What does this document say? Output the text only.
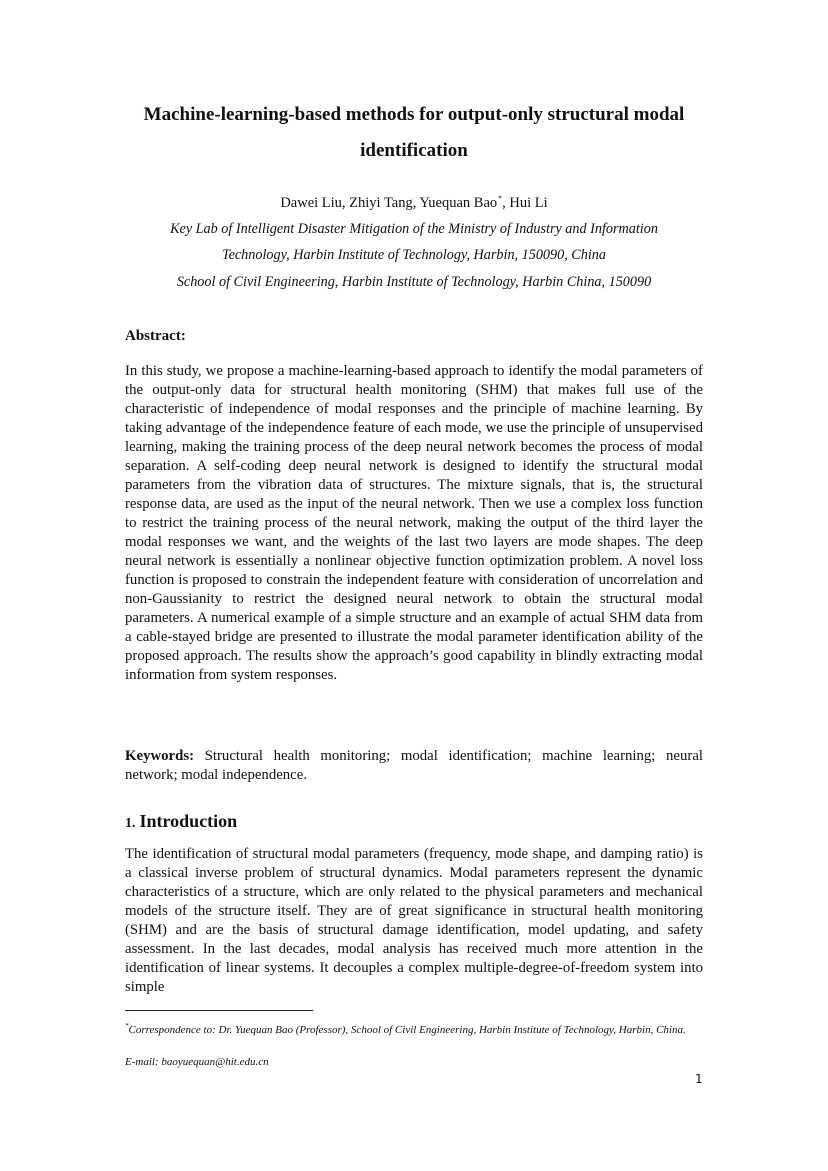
Machine-learning-based methods for output-only structural modal
identification
Dawei Liu, Zhiyi Tang, Yuequan Bao*, Hui Li
Key Lab of Intelligent Disaster Mitigation of the Ministry of Industry and Information
Technology, Harbin Institute of Technology, Harbin, 150090, China
School of Civil Engineering, Harbin Institute of Technology, Harbin China, 150090
Abstract:

In this study, we propose a machine-learning-based approach to identify the modal parameters of the output-only data for structural health monitoring (SHM) that makes full use of the characteristic of independence of modal responses and the principle of machine learning. By taking advantage of the independence feature of each mode, we use the principle of unsupervised learning, making the training process of the deep neural network becomes the process of modal separation. A self-coding deep neural network is designed to identify the structural modal parameters from the vibration data of structures. The mixture signals, that is, the structural response data, are used as the input of the neural network. Then we use a complex loss function to restrict the training process of the neural network, making the output of the third layer the modal responses we want, and the weights of the last two layers are mode shapes. The deep neural network is essentially a nonlinear objective function optimization problem. A novel loss function is proposed to constrain the independent feature with consideration of uncorrelation and non-Gaussianity to restrict the designed neural network to obtain the structural modal parameters. A numerical example of a simple structure and an example of actual SHM data from a cable-stayed bridge are presented to illustrate the modal parameter identification ability of the proposed approach. The results show the approach’s good capability in blindly extracting modal information from system responses.

Keywords: Structural health monitoring; modal identification; machine learning; neural network; modal independence.

1. Introduction

The identification of structural modal parameters (frequency, mode shape, and damping ratio) is a classical inverse problem of structural dynamics. Modal parameters represent the dynamic characteristics of a structure, which are only related to the physical parameters and mechanical models of the structure itself. They are of great significance in structural health monitoring (SHM) and are the basis of structural damage identification, model updating, and safety assessment. In the last decades, modal analysis has received much more attention in the identification of linear systems. It decouples a complex multiple-degree-of-freedom system into simple

*Correspondence to: Dr. Yuequan Bao (Professor), School of Civil Engineering, Harbin Institute of Technology, Harbin, China.

E-mail: baoyuequan@hit.edu.cn

1
